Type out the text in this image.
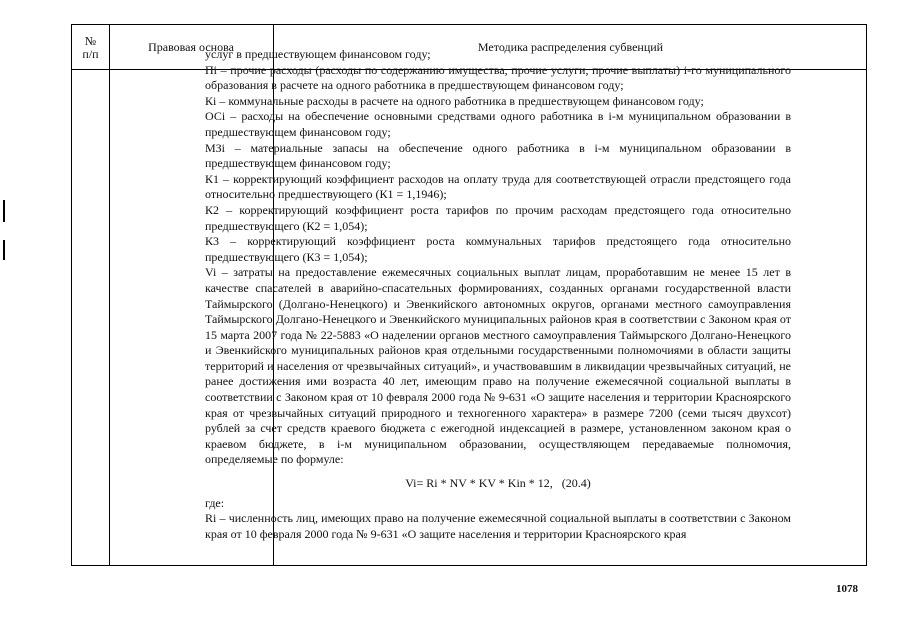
№
п/п	Правовая основа	Методика распределения субвенций

услуг в предшествующем финансовом году;

Пi – прочие расходы (расходы по содержанию имущества, прочие услуги, прочие выплаты) i-го муниципального образования в расчете на одного работника в предшествующем финансовом году;

Кi – коммунальные расходы в расчете на одного работника в предшествующем финансовом году;

ОСi – расходы на обеспечение основными средствами одного работника в i-м муниципальном образовании в предшествующем финансовом году;

МЗi – материальные запасы на обеспечение одного работника в i-м муниципальном образовании в предшествующем финансовом году;

К1 – корректирующий коэффициент расходов на оплату труда для соответствующей отрасли предстоящего года относительно предшествующего (К1 = 1,1946);

К2 – корректирующий коэффициент роста тарифов по прочим расходам предстоящего года относительно предшествующего (К2 = 1,054);

К3 – корректирующий коэффициент роста коммунальных тарифов предстоящего года относительно предшествующего (К3 = 1,054);

Vi – затраты на предоставление ежемесячных социальных выплат лицам, проработавшим не менее 15 лет в качестве спасателей в аварийно-спасательных формированиях, созданных органами государственной власти Таймырского (Долгано-Ненецкого) и Эвенкийского автономных округов, органами местного самоуправления Таймырского Долгано-Ненецкого и Эвенкийского муниципальных районов края в соответствии с Законом края от 15 марта 2007 года № 22-5883 «О наделении органов местного самоуправления Таймырского Долгано-Ненецкого и Эвенкийского муниципальных районов края отдельными государственными полномочиями в области защиты территорий и населения от чрезвычайных ситуаций», и участвовавшим в ликвидации чрезвычайных ситуаций, не ранее достижения ими возраста 40 лет, имеющим право на получение ежемесячной социальной выплаты в соответствии с Законом края от 10 февраля 2000 года № 9-631 «О защите населения и территории Красноярского края от чрезвычайных ситуаций природного и техногенного характера» в размере 7200 (семи тысяч двухсот) рублей за счет средств краевого бюджета с ежегодной индексацией в размере, установленном законом края о краевом бюджете, в i-м муниципальном образовании, осуществляющем передаваемые полномочия, определяемые по формуле:

Vi= Ri * NV * KV * Kin * 12,   (20.4)

где:

Ri – численность лиц, имеющих право на получение ежемесячной социальной выплаты в соответствии с Законом края от 10 февраля 2000 года № 9-631 «О защите населения и территории Красноярского края

1078
